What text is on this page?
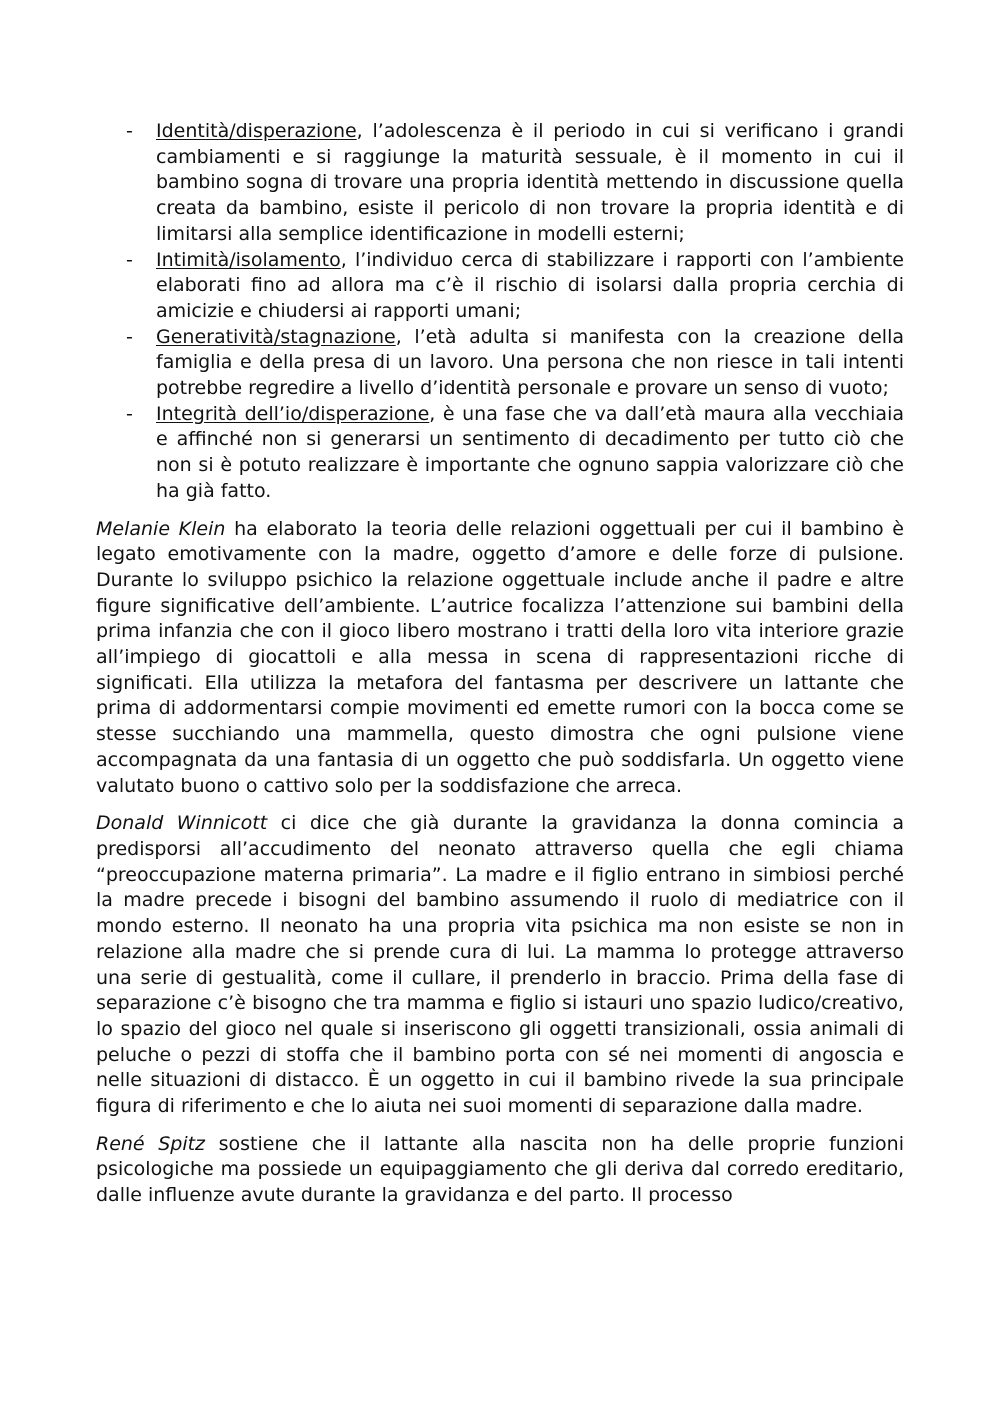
- Identità/disperazione, l’adolescenza è il periodo in cui si verificano i grandi cambiamenti e si raggiunge la maturità sessuale, è il momento in cui il bambino sogna di trovare una propria identità mettendo in discussione quella creata da bambino, esiste il pericolo di non trovare la propria identità e di limitarsi alla semplice identificazione in modelli esterni;
- Intimità/isolamento, l’individuo cerca di stabilizzare i rapporti con l’ambiente elaborati fino ad allora ma c’è il rischio di isolarsi dalla propria cerchia di amicizie e chiudersi ai rapporti umani;
- Generatività/stagnazione, l’età adulta si manifesta con la creazione della famiglia e della presa di un lavoro. Una persona che non riesce in tali intenti potrebbe regredire a livello d’identità personale e provare un senso di vuoto;
- Integrità dell’io/disperazione, è una fase che va dall’età maura alla vecchiaia e affinché non si generarsi un sentimento di decadimento per tutto ciò che non si è potuto realizzare è importante che ognuno sappia valorizzare ciò che ha già fatto.

Melanie Klein ha elaborato la teoria delle relazioni oggettuali per cui il bambino è legato emotivamente con la madre, oggetto d’amore e delle forze di pulsione. Durante lo sviluppo psichico la relazione oggettuale include anche il padre e altre figure significative dell’ambiente. L’autrice focalizza l’attenzione sui bambini della prima infanzia che con il gioco libero mostrano i tratti della loro vita interiore grazie all’impiego di giocattoli e alla messa in scena di rappresentazioni ricche di significati. Ella utilizza la metafora del fantasma per descrivere un lattante che prima di addormentarsi compie movimenti ed emette rumori con la bocca come se stesse succhiando una mammella, questo dimostra che ogni pulsione viene accompagnata da una fantasia di un oggetto che può soddisfarla. Un oggetto viene valutato buono o cattivo solo per la soddisfazione che arreca.

Donald Winnicott ci dice che già durante la gravidanza la donna comincia a predisporsi all’accudimento del neonato attraverso quella che egli chiama “preoccupazione materna primaria”. La madre e il figlio entrano in simbiosi perché la madre precede i bisogni del bambino assumendo il ruolo di mediatrice con il mondo esterno. Il neonato ha una propria vita psichica ma non esiste se non in relazione alla madre che si prende cura di lui. La mamma lo protegge attraverso una serie di gestualità, come il cullare, il prenderlo in braccio. Prima della fase di separazione c’è bisogno che tra mamma e figlio si istauri uno spazio ludico/creativo, lo spazio del gioco nel quale si inseriscono gli oggetti transizionali, ossia animali di peluche o pezzi di stoffa che il bambino porta con sé nei momenti di angoscia e nelle situazioni di distacco. È un oggetto in cui il bambino rivede la sua principale figura di riferimento e che lo aiuta nei suoi momenti di separazione dalla madre.

René Spitz sostiene che il lattante alla nascita non ha delle proprie funzioni psicologiche ma possiede un equipaggiamento che gli deriva dal corredo ereditario, dalle influenze avute durante la gravidanza e del parto. Il processo
